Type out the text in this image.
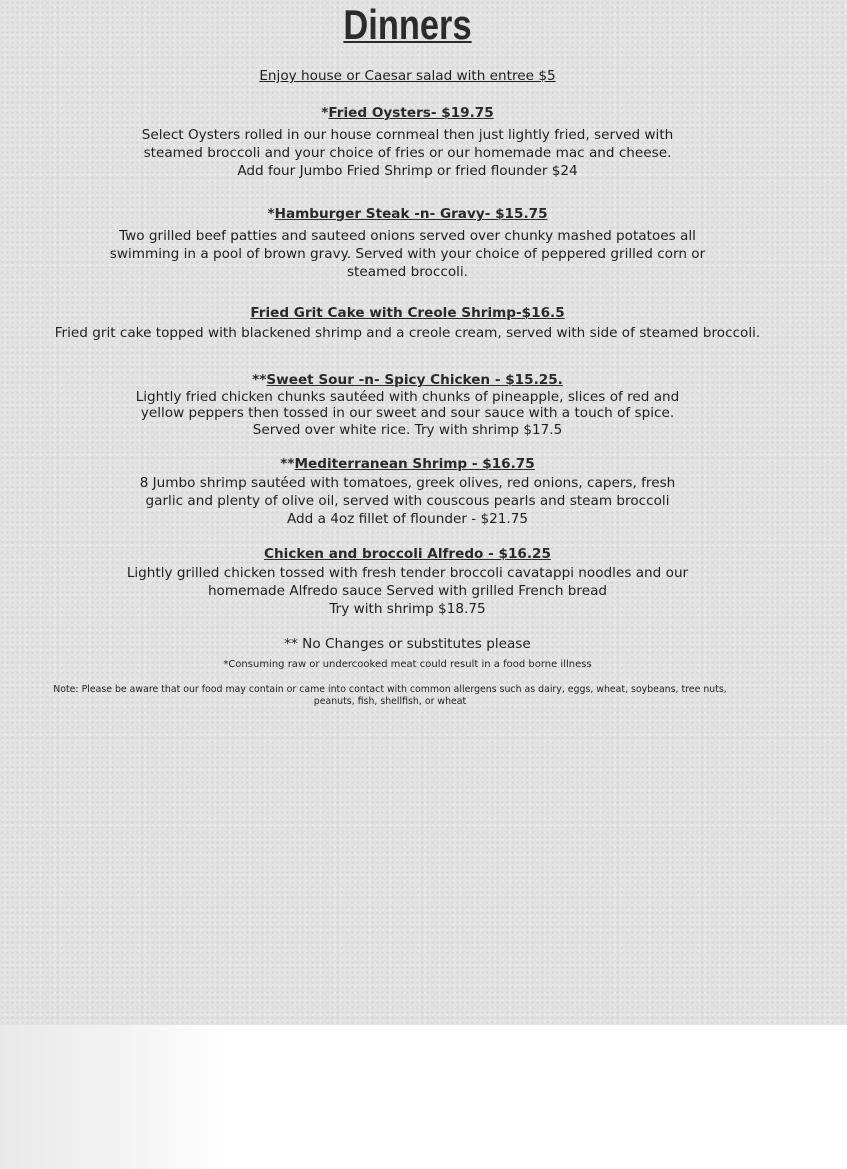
Dinners
Enjoy house or Caesar salad with entree $5
*Fried Oysters- $19.75
Select Oysters rolled in our house cornmeal then just lightly fried, served with
steamed broccoli and your choice of fries or our homemade mac and cheese.
Add four Jumbo Fried Shrimp or fried flounder $24
*Hamburger Steak -n- Gravy- $15.75
Two grilled beef patties and sauteed onions served over chunky mashed potatoes all
swimming in a pool of brown gravy. Served with your choice of peppered grilled corn or
steamed broccoli.
Fried Grit Cake with Creole Shrimp-$16.5
Fried grit cake topped with blackened shrimp and a creole cream, served with side of steamed broccoli.
**Sweet Sour -n- Spicy Chicken - $15.25.
Lightly fried chicken chunks sautéed with chunks of pineapple, slices of red and
yellow peppers then tossed in our sweet and sour sauce with a touch of spice.
Served over white rice. Try with shrimp $17.5
**Mediterranean Shrimp - $16.75
8 Jumbo shrimp sautéed with tomatoes, greek olives, red onions, capers, fresh
garlic and plenty of olive oil, served with couscous pearls and steam broccoli
Add a 4oz fillet of flounder - $21.75
Chicken and broccoli Alfredo - $16.25
Lightly grilled chicken tossed with fresh tender broccoli cavatappi noodles and our
homemade Alfredo sauce Served with grilled French bread
Try with shrimp $18.75
** No Changes or substitutes please
*Consuming raw or undercooked meat could result in a food borne illness
Note: Please be aware that our food may contain or came into contact with common allergens such as dairy, eggs, wheat, soybeans, tree nuts,
peanuts, fish, shellfish, or wheat
